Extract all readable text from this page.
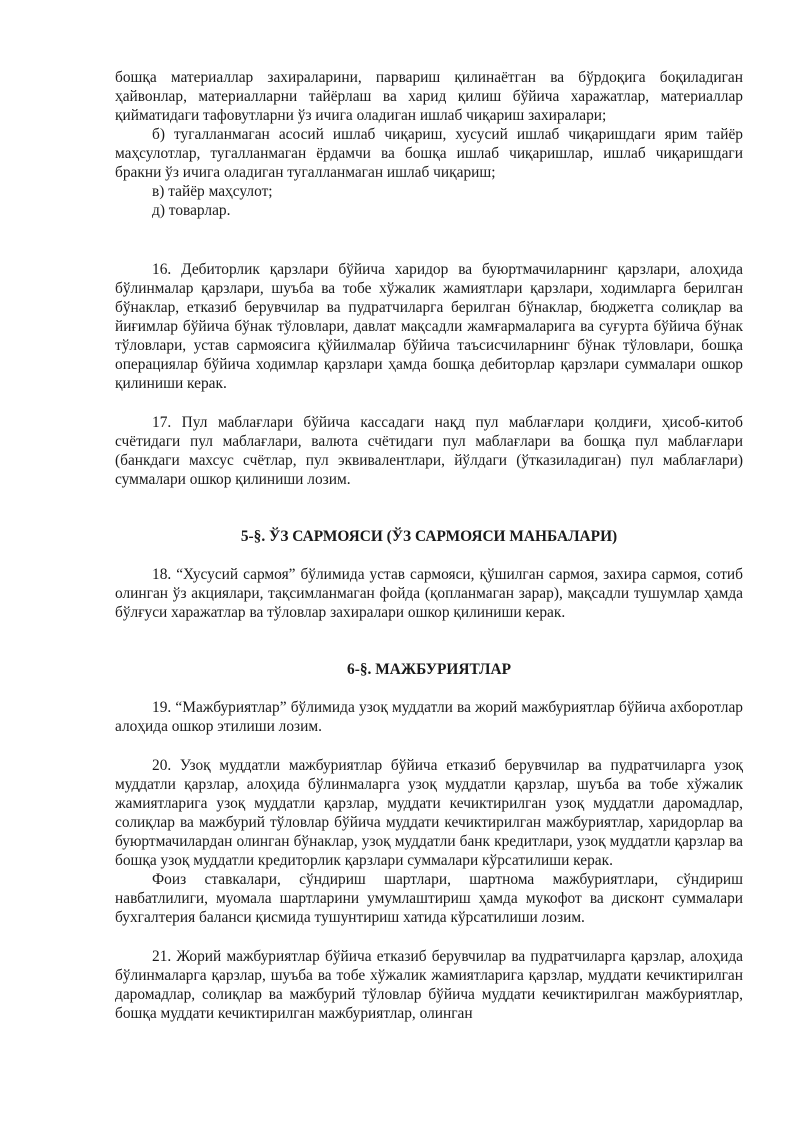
бошқа материаллар захираларини, парвариш қилинаётган ва бўрдоқига боқиладиган ҳайвонлар, материалларни тайёрлаш ва харид қилиш бўйича харажатлар, материаллар қийматидаги тафовутларни ўз ичига оладиган ишлаб чиқариш захиралари;

б) тугалланмаган асосий ишлаб чиқариш, хусусий ишлаб чиқаришдаги ярим тайёр маҳсулотлар, тугалланмаган ёрдамчи ва бошқа ишлаб чиқаришлар, ишлаб чиқаришдаги бракни ўз ичига оладиган тугалланмаган ишлаб чиқариш;

в) тайёр маҳсулот;

д) товарлар.

16. Дебиторлик қарзлари бўйича харидор ва буюртмачиларнинг қарзлари, алоҳида бўлинмалар қарзлари, шуъба ва тобе хўжалик жамиятлари қарзлари, ходимларга берилган бўнаклар, етказиб берувчилар ва пудратчиларга берилган бўнаклар, бюджетга солиқлар ва йиғимлар бўйича бўнак тўловлари, давлат мақсадли жамғармаларига ва суғурта бўйича бўнак тўловлари, устав сармоясига қўйилмалар бўйича таъсисчиларнинг бўнак тўловлари, бошқа операциялар бўйича ходимлар қарзлари ҳамда бошқа дебиторлар қарзлари суммалари ошкор қилиниши керак.

17. Пул маблағлари бўйича кассадаги нақд пул маблағлари қолдиғи, ҳисоб-китоб счётидаги пул маблағлари, валюта счётидаги пул маблағлари ва бошқа пул маблағлари (банкдаги махсус счётлар, пул эквивалентлари, йўлдаги (ўтказиладиган) пул маблағлари) суммалари ошкор қилиниши лозим.

5-§. ЎЗ САРМОЯСИ (ЎЗ САРМОЯСИ МАНБАЛАРИ)

18. “Хусусий сармоя” бўлимида устав сармояси, қўшилган сармоя, захира сармоя, сотиб олинган ўз акциялари, тақсимланмаган фойда (қопланмаган зарар), мақсадли тушумлар ҳамда бўлғуси харажатлар ва тўловлар захиралари ошкор қилиниши керак.

6-§. МАЖБУРИЯТЛАР

19. “Мажбуриятлар” бўлимида узоқ муддатли ва жорий мажбуриятлар бўйича ахборотлар алоҳида ошкор этилиши лозим.

20. Узоқ муддатли мажбуриятлар бўйича етказиб берувчилар ва пудратчиларга узоқ муддатли қарзлар, алоҳида бўлинмаларга узоқ муддатли қарзлар, шуъба ва тобе хўжалик жамиятларига узоқ муддатли қарзлар, муддати кечиктирилган узоқ муддатли даромадлар, солиқлар ва мажбурий тўловлар бўйича муддати кечиктирилган мажбуриятлар, харидорлар ва буюртмачилардан олинган бўнаклар, узоқ муддатли банк кредитлари, узоқ муддатли қарзлар ва бошқа узоқ муддатли кредиторлик қарзлари суммалари кўрсатилиши керак.

Фоиз ставкалари, сўндириш шартлари, шартнома мажбуриятлари, сўндириш навбатлилиги, муомала шартларини умумлаштириш ҳамда мукофот ва дисконт суммалари бухгалтерия баланси қисмида тушунтириш хатида кўрсатилиши лозим.

21. Жорий мажбуриятлар бўйича етказиб берувчилар ва пудратчиларга қарзлар, алоҳида бўлинмаларга қарзлар, шуъба ва тобе хўжалик жамиятларига қарзлар, муддати кечиктирилган даромадлар, солиқлар ва мажбурий тўловлар бўйича муддати кечиктирилган мажбуриятлар, бошқа муддати кечиктирилган мажбуриятлар, олинган
